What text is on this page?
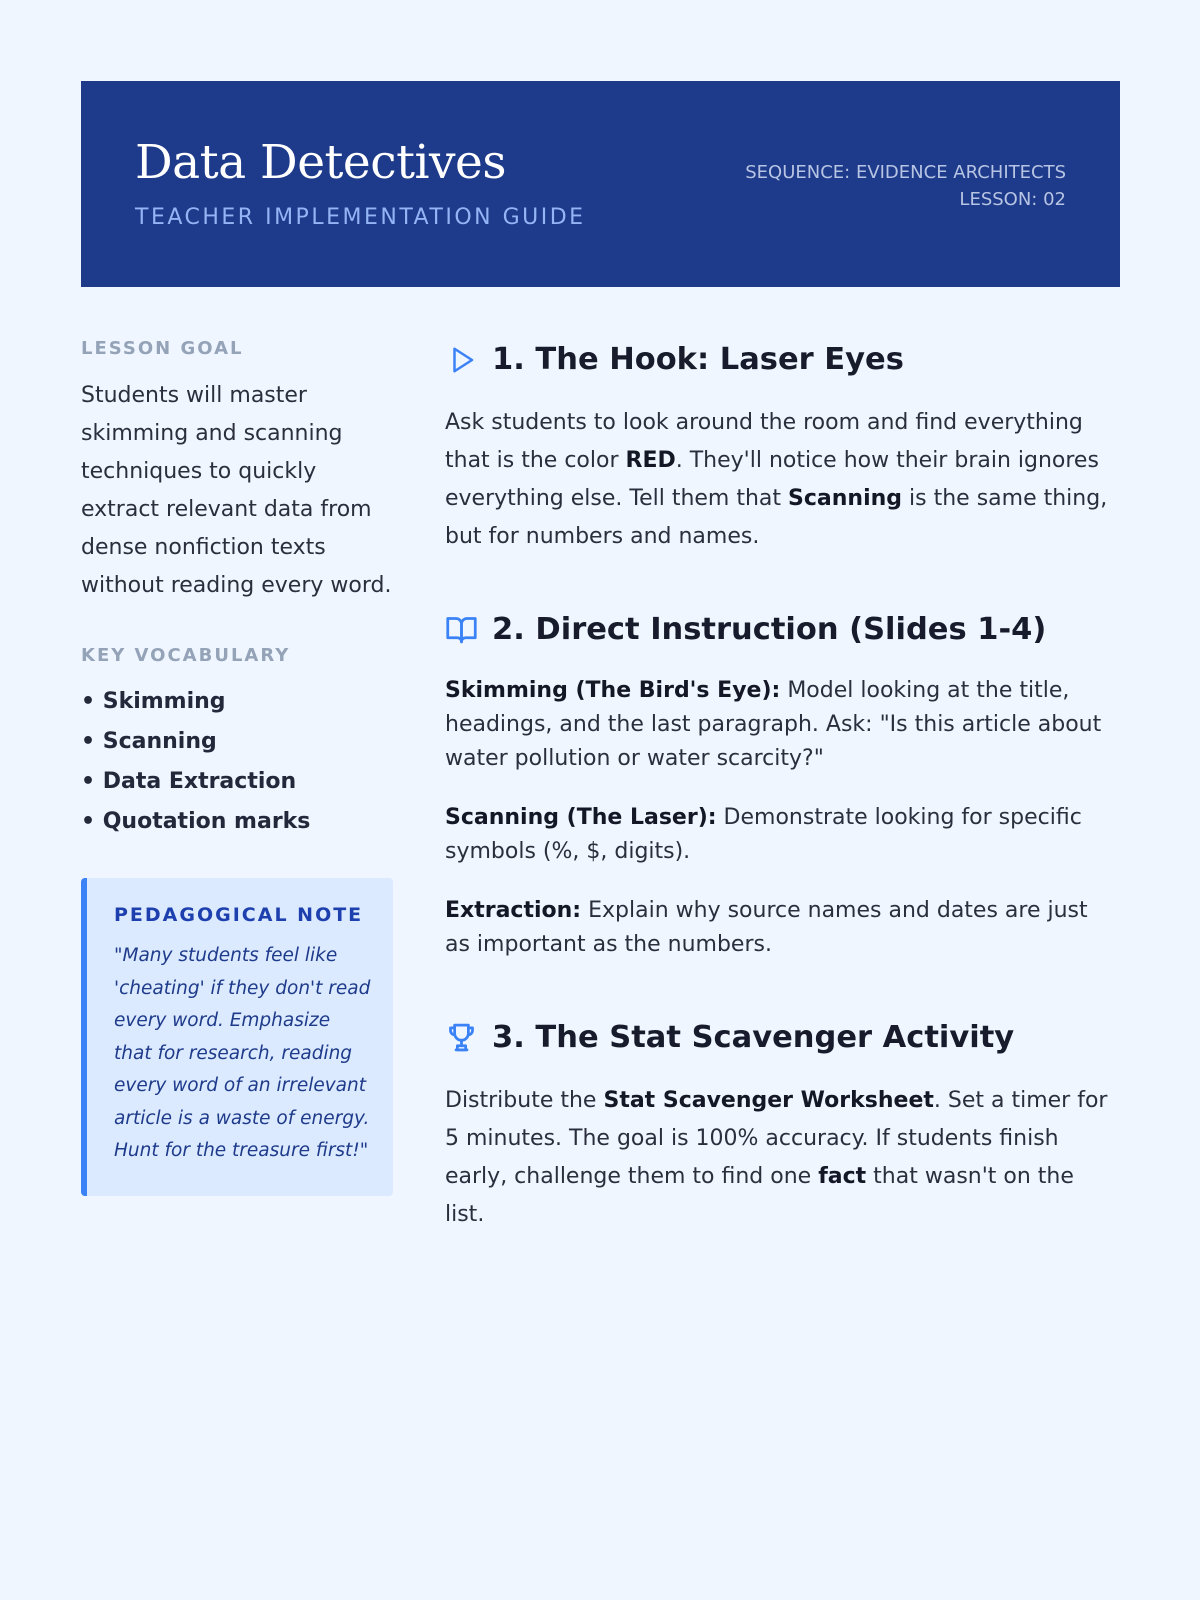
Data Detectives
TEACHER IMPLEMENTATION GUIDE
SEQUENCE: EVIDENCE ARCHITECTS
LESSON: 02
LESSON GOAL

Students will master skimming and scanning techniques to quickly extract relevant data from dense nonfiction texts without reading every word.

KEY VOCABULARY
• Skimming
• Scanning
• Data Extraction
• Quotation marks
PEDAGOGICAL NOTE

"Many students feel like 'cheating' if they don't read every word. Emphasize that for research, reading every word of an irrelevant article is a waste of energy. Hunt for the treasure first!"

1. The Hook: Laser Eyes

Ask students to look around the room and find everything that is the color RED. They'll notice how their brain ignores everything else. Tell them that Scanning is the same thing, but for numbers and names.

2. Direct Instruction (Slides 1-4)

Skimming (The Bird's Eye): Model looking at the title, headings, and the last paragraph. Ask: "Is this article about water pollution or water scarcity?"

Scanning (The Laser): Demonstrate looking for specific symbols (%, $, digits).

Extraction: Explain why source names and dates are just as important as the numbers.

3. The Stat Scavenger Activity

Distribute the Stat Scavenger Worksheet. Set a timer for 5 minutes. The goal is 100% accuracy. If students finish early, challenge them to find one fact that wasn't on the list.
